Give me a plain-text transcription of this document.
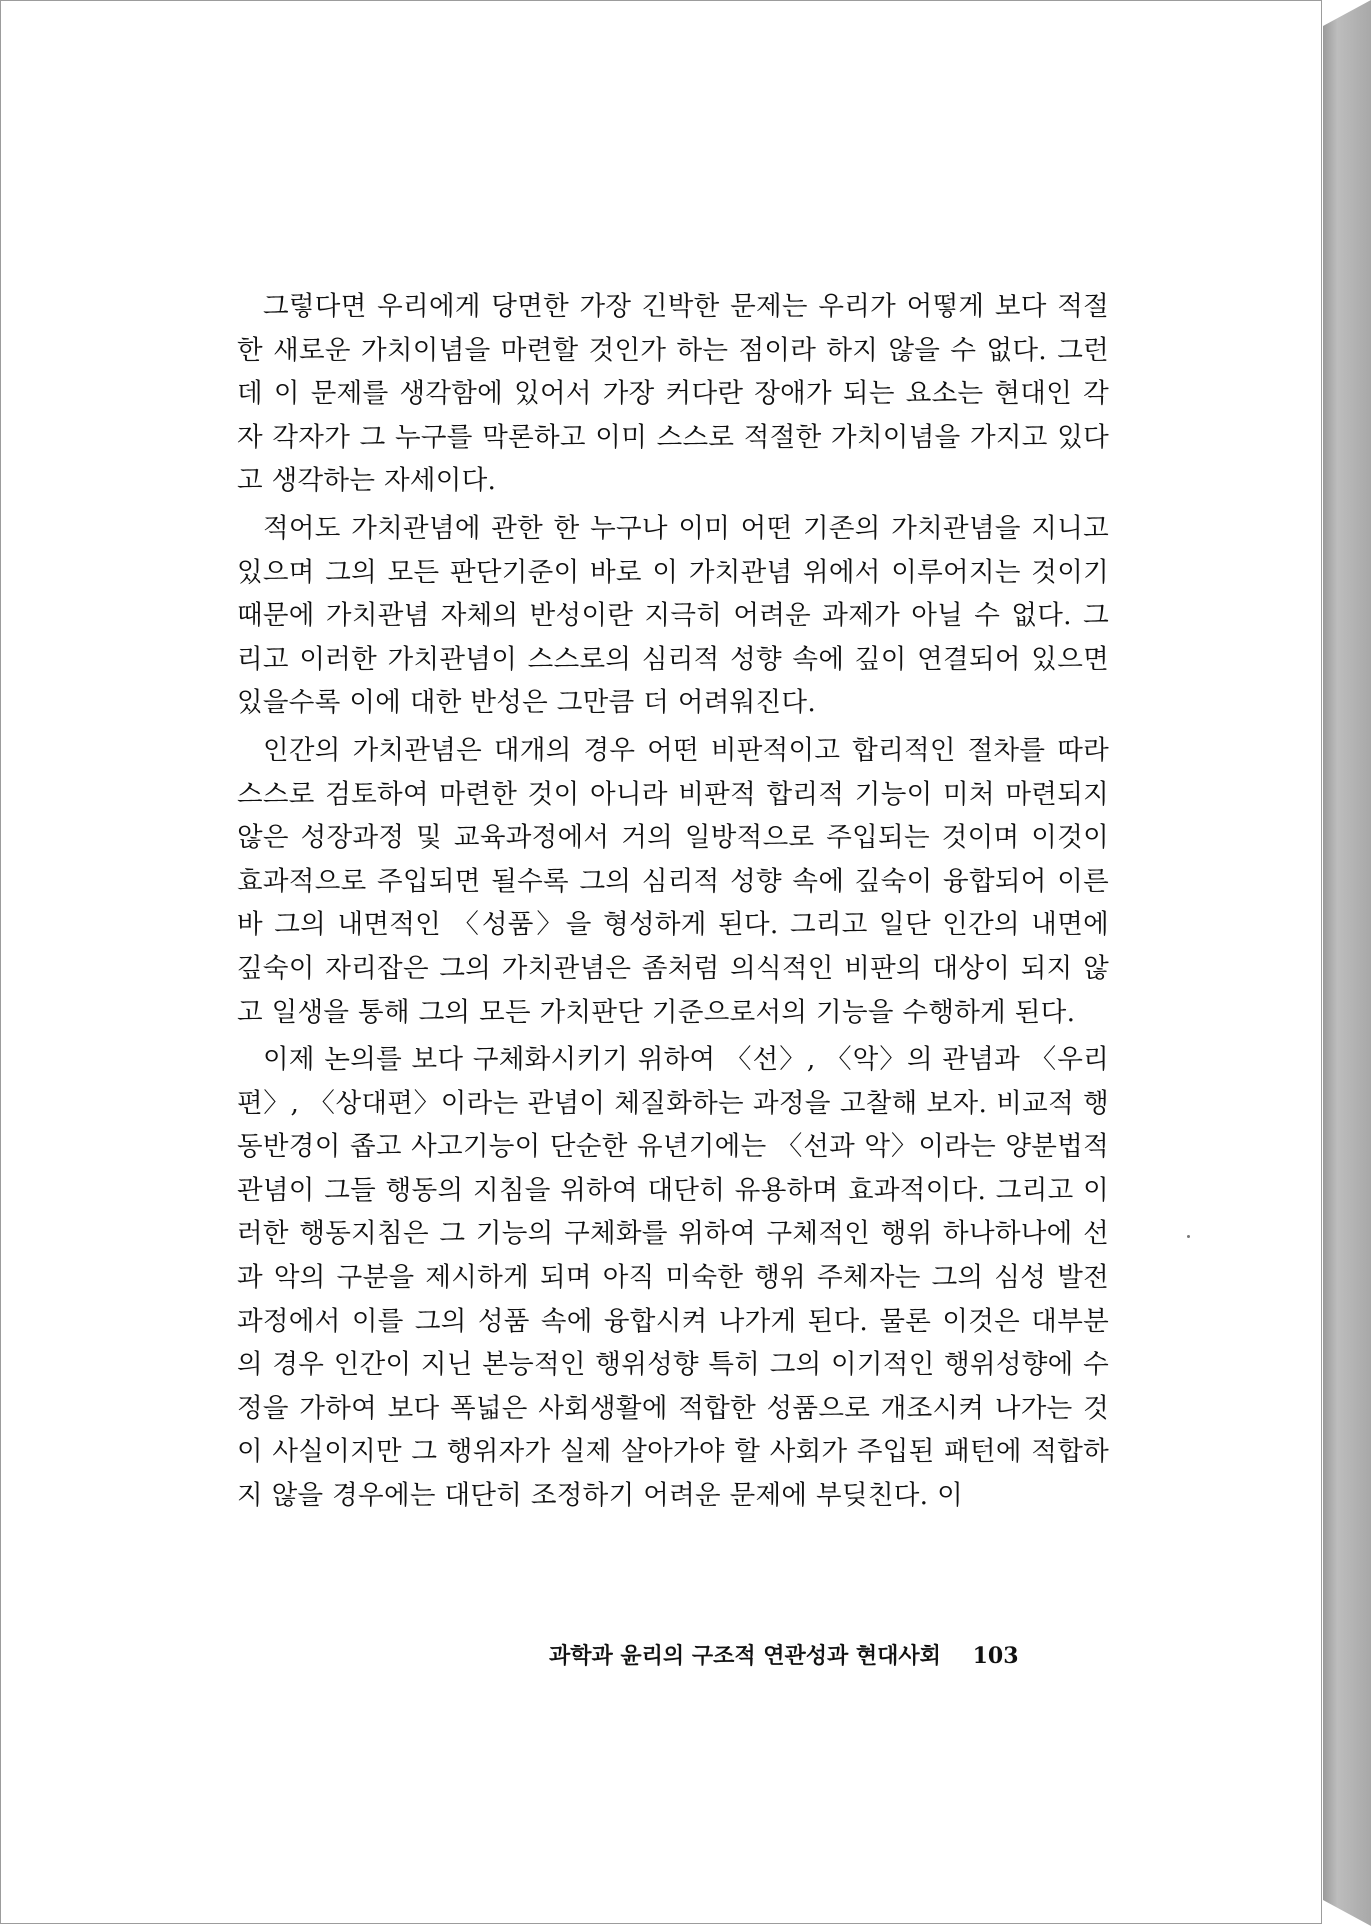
그렇다면 우리에게 당면한 가장 긴박한 문제는 우리가 어떻게 보다 적절한 새로운 가치이념을 마련할 것인가 하는 점이라 하지 않을 수 없다. 그런데 이 문제를 생각함에 있어서 가장 커다란 장애가 되는 요소는 현대인 각자 각자가 그 누구를 막론하고 이미 스스로 적절한 가치이념을 가지고 있다고 생각하는 자세이다.

적어도 가치관념에 관한 한 누구나 이미 어떤 기존의 가치관념을 지니고 있으며 그의 모든 판단기준이 바로 이 가치관념 위에서 이루어지는 것이기 때문에 가치관념 자체의 반성이란 지극히 어려운 과제가 아닐 수 없다. 그리고 이러한 가치관념이 스스로의 심리적 성향 속에 깊이 연결되어 있으면 있을수록 이에 대한 반성은 그만큼 더 어려워진다.

인간의 가치관념은 대개의 경우 어떤 비판적이고 합리적인 절차를 따라 스스로 검토하여 마련한 것이 아니라 비판적 합리적 기능이 미처 마련되지 않은 성장과정 및 교육과정에서 거의 일방적으로 주입되는 것이며 이것이 효과적으로 주입되면 될수록 그의 심리적 성향 속에 깊숙이 융합되어 이른바 그의 내면적인 〈성품〉을 형성하게 된다. 그리고 일단 인간의 내면에 깊숙이 자리잡은 그의 가치관념은 좀처럼 의식적인 비판의 대상이 되지 않고 일생을 통해 그의 모든 가치판단 기준으로서의 기능을 수행하게 된다.

이제 논의를 보다 구체화시키기 위하여 〈선〉, 〈악〉의 관념과 〈우리편〉, 〈상대편〉이라는 관념이 체질화하는 과정을 고찰해 보자. 비교적 행동반경이 좁고 사고기능이 단순한 유년기에는 〈선과 악〉이라는 양분법적 관념이 그들 행동의 지침을 위하여 대단히 유용하며 효과적이다. 그리고 이러한 행동지침은 그 기능의 구체화를 위하여 구체적인 행위 하나하나에 선과 악의 구분을 제시하게 되며 아직 미숙한 행위 주체자는 그의 심성 발전과정에서 이를 그의 성품 속에 융합시켜 나가게 된다. 물론 이것은 대부분의 경우 인간이 지닌 본능적인 행위성향 특히 그의 이기적인 행위성향에 수정을 가하여 보다 폭넓은 사회생활에 적합한 성품으로 개조시켜 나가는 것이 사실이지만 그 행위자가 실제 살아가야 할 사회가 주입된 패턴에 적합하지 않을 경우에는 대단히 조정하기 어려운 문제에 부딪친다. 이

과학과 윤리의 구조적 연관성과 현대사회 103
